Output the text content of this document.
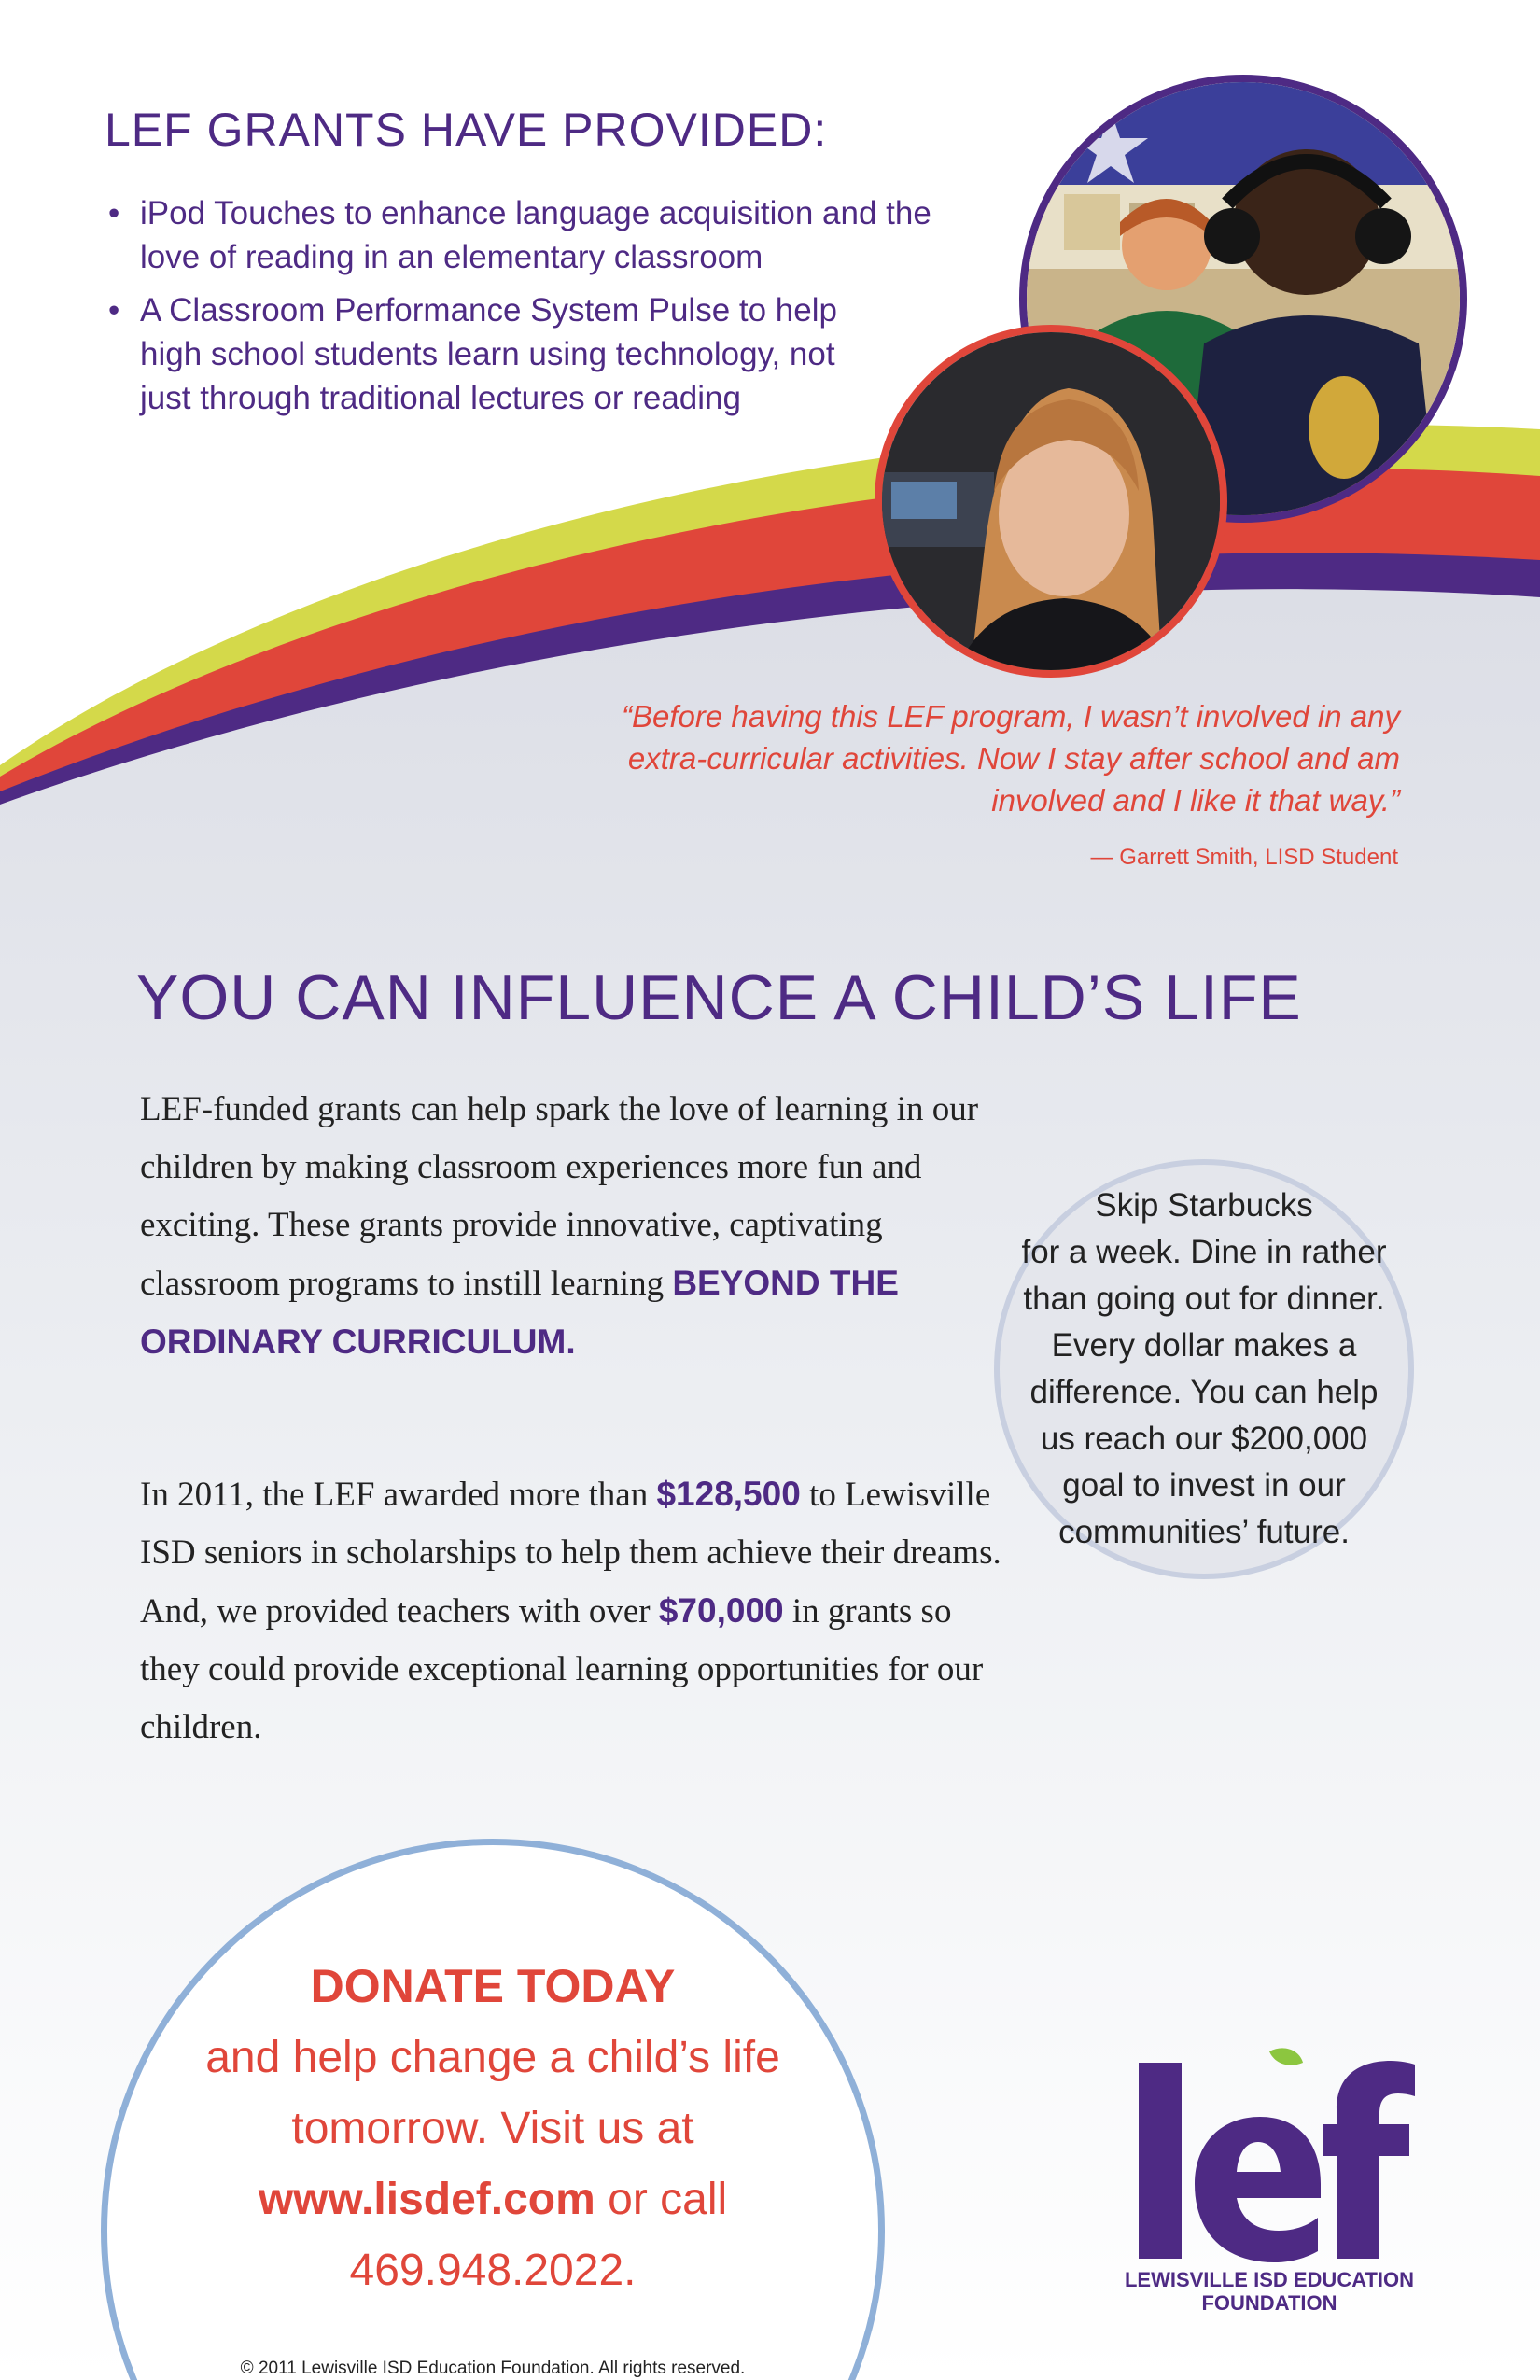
LEF GRANTS HAVE PROVIDED:
• iPod Touches to enhance language acquisition and the love of reading in an elementary classroom
• A Classroom Performance System Pulse to help high school students learn using technology, not just through traditional lectures or reading

“Before having this LEF program, I wasn’t involved in any extra-curricular activities. Now I stay after school and am involved and I like it that way.”

— Garrett Smith, LISD Student

YOU CAN INFLUENCE A CHILD’S LIFE

LEF-funded grants can help spark the love of learning in our children by making classroom experiences more fun and exciting. These grants provide innovative, captivating classroom programs to instill learning BEYOND THE ORDINARY CURRICULUM.

In 2011, the LEF awarded more than $128,500 to Lewisville ISD seniors in scholarships to help them achieve their dreams. And, we provided teachers with over $70,000 in grants so they could provide exceptional learning opportunities for our children.

Skip Starbucks
for a week. Dine in rather
than going out for dinner.
Every dollar makes a
difference. You can help
us reach our $200,000
goal to invest in our
communities’ future.

DONATE TODAY

and help change a child’s life tomorrow. Visit us at www.lisdef.com or call 469.948.2022.

© 2011 Lewisville ISD Education Foundation. All rights reserved.

LEWISVILLE ISD EDUCATION
FOUNDATION
